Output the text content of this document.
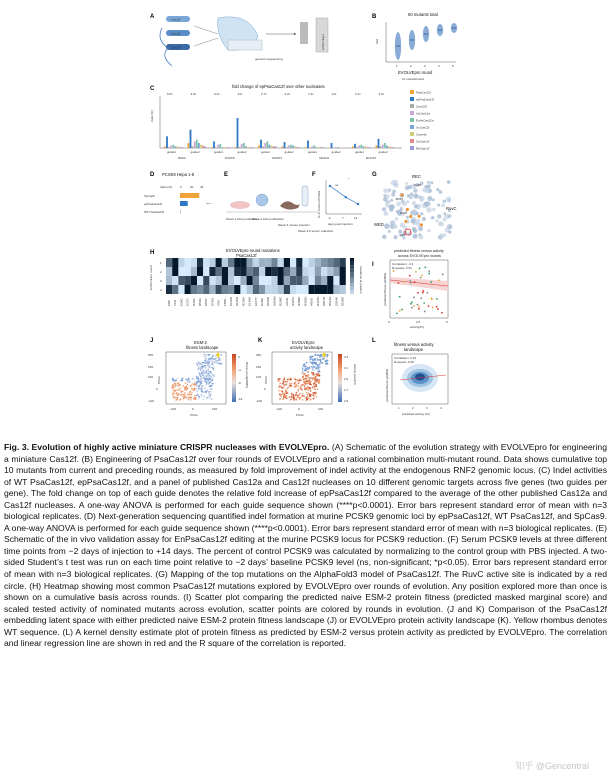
A	Cas12f
Cas12f
Cas12f
genomic sequencing
EVOLVEpro
B	60 mutants total
fold
1	2	3	4	5
EVOLVEpro round
12 mutant/round
C	fold change of epPsaCas12f over other nucleases
indel (%)
6.5x	3.5x	6.2x	44x	2.7x	2.2x	7.3x	14x	2.2x	3.3x
guide1	guide2	guide1	guide2	guide1	guide2	guide1	guide2	guide1	guide2
RNF2	FANCF	DNMT1	VEGFA	RUNX1
PsaCas12f
epPsaCas12f
Cas12f1
AsCas12a
EnAsCas12a
UnCas12f
Casmini
OsCas12f
RhCas12f
D PCSK9 Hepa 1-6
Indel (%)	0	20 40
SpCas9
epPsaCas12f
WT PsaCas12f
****
E
Week 1 AAV production
Week 2 AAV purification
Week 3 mouse injection
Week 4-6 serum collection
F
% of Control PCSK9 -2	7	14
days post injection
ns
*
G	REC
RuvC
WED
C109
K535
E438
A96
H	EVOLVEpro round mutations
PsaCas12f
EVOLVEpro round
1
2
3
4
E8D V12I E34G E37D R46S R54G K57R K76M I79V F86G K110R K128R R135H E148K E167Y D189I K196N K206M R268C I334N S335A R389D R453G I460D R497G K507R R521G E534K D538K
mutations at position
I
predicted fitness versus activity
across EVOLVEpro rounds
Correlation: -0.1
R-square: 0.01
0	2.5	5
activity(FI)
predicted fitness (pMMS)
J	ESM-2
fitness landscape
0
-4
-8
-12
fitness pred(pMMS)
250
150
100
0
-100
PCA2
-100	0	100
PCA1
K	EVOLVEpro
activity landscape
3.3
3.1
2.9
2.7
2.5
activity pred(FI)
250
150
100
0
-100
PCA2
-100	0	100
PCA1
L
fitness versus activity
landscape
Correlation: 0.16
R-square: 0.08
1	2	3	4
predicted activity (FI)
predicted fitness (pMMS)

Fig. 3. Evolution of highly active miniature CRISPR nucleases with EVOLVEpro. (A) Schematic of the evolution strategy with EVOLVEpro for engineering a miniature Cas12f. (B) Engineering of PsaCas12f over four rounds of EVOLVEpro and a rational combination multi-mutant round. Data shows cumulative top 10 mutants from current and preceding rounds, as measured by fold improvement of indel activity at the endogenous RNF2 genomic locus. (C) Indel activities of WT PsaCas12f, epPsaCas12f, and a panel of published Cas12a and Cas12f nucleases on 10 different genomic targets across five genes (two guides per gene). The fold change on top of each guide denotes the relative fold increase of epPsaCas12f compared to the average of the other published Cas12a and Cas12f nucleases. A one-way ANOVA is performed for each guide sequence shown (****p<0.0001). Error bars represent standard error of mean with n=3 biological replicates. (D) Next-generation sequencing quantified indel formation at murine PCSK9 genomic loci by epPsaCas12f, WT PsaCas12f, and SpCas9. A one-way ANOVA is performed for each guide sequence shown (****p<0.0001). Error bars represent standard error of mean with n=3 biological replicates. (E) Schematic of the in vivo validation assay for EnPsaCas12f editing at the murine PCSK9 locus for PCSK9 reduction. (F) Serum PCSK9 levels at three different time points from −2 days of injection to +14 days. The percent of control PCSK9 was calculated by normalizing to the control group with PBS injected. A two-sided Student’s t test was run on each time point relative to −2 days’ baseline PCSK9 level (ns, non-significant; *p<0.05). Error bars represent standard error of mean with n=3 biological replicates. (G) Mapping of the top mutations on the AlphaFold3 model of PsaCas12f. The RuvC active site is indicated by a red circle. (H) Heatmap showing most common PsaCas12f mutations explored by EVOLVEpro over rounds of evolution. Any position explored more than once is shown on a cumulative basis across rounds. (I) Scatter plot comparing the predicted naive ESM-2 protein fitness (predicted masked marginal score) and scaled tested activity of nominated mutants across evolution, scatter points are colored by rounds in evolution. (J and K) Comparison of the PsaCas12f embedding latent space with either predicted naive ESM-2 protein fitness landscape (J) or EVOLVEpro protein activity landscape (K). Yellow rhombus denotes WT sequence. (L) A kernel density estimate plot of protein fitness as predicted by ESM-2 versus protein activity as predicted by EVOLVEpro. The correlation and linear regression line are shown in red and the R square of the correlation is reported.

知乎 @Gencentral
